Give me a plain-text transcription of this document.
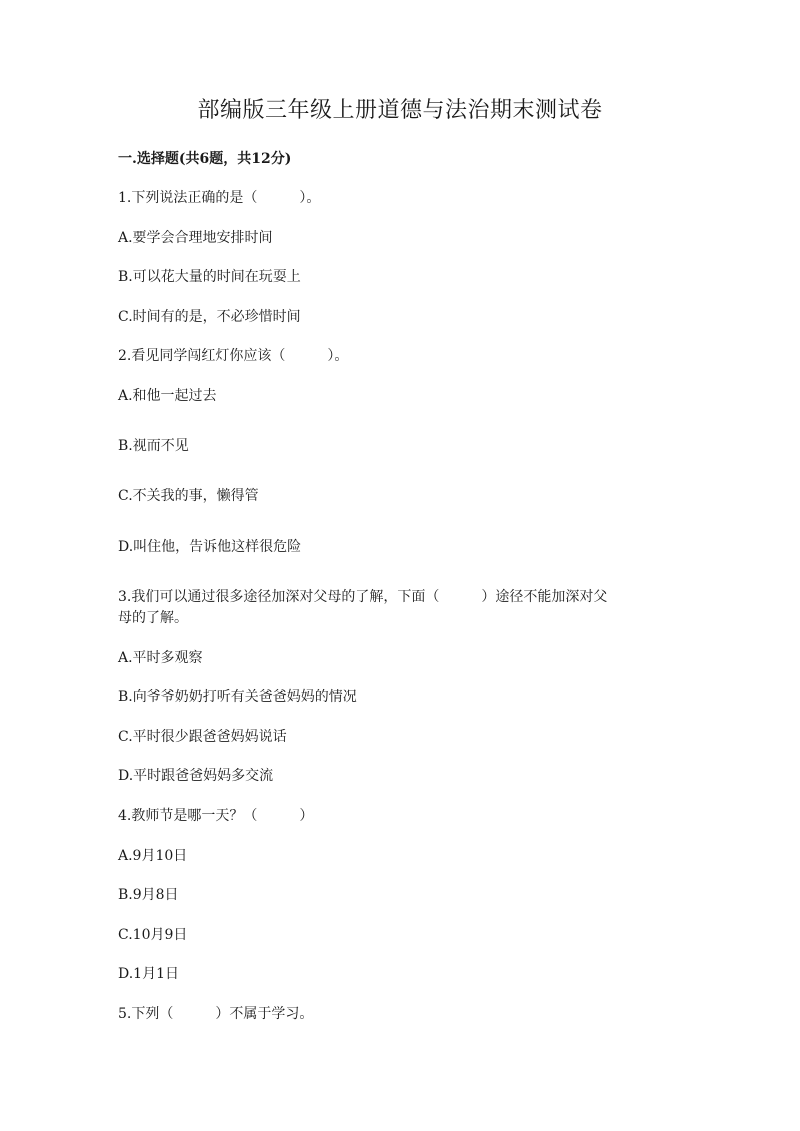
部编版三年级上册道德与法治期末测试卷
一.选择题(共6题，共12分)
1.下列说法正确的是（　　　）。
A.要学会合理地安排时间
B.可以花大量的时间在玩耍上
C.时间有的是，不必珍惜时间
2.看见同学闯红灯你应该（　　　）。
A.和他一起过去
B.视而不见
C.不关我的事，懒得管
D.叫住他，告诉他这样很危险
3.我们可以通过很多途径加深对父母的了解，下面（　　　）途径不能加深对父
母的了解。
A.平时多观察
B.向爷爷奶奶打听有关爸爸妈妈的情况
C.平时很少跟爸爸妈妈说话
D.平时跟爸爸妈妈多交流
4.教师节是哪一天？（　　　）
A.9月10日
B.9月8日
C.10月9日
D.1月1日
5.下列（　　　）不属于学习。
